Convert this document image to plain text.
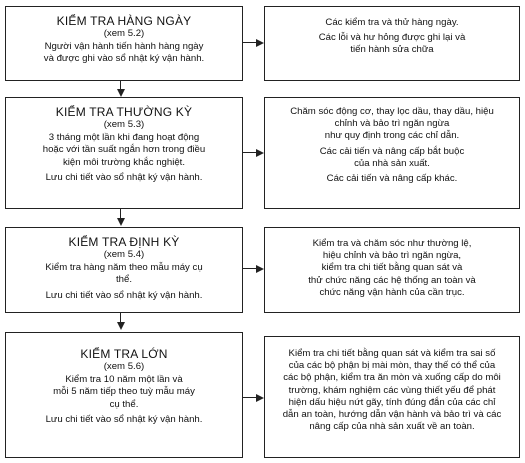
KIỂM TRA HÀNG NGÀY
(xem 5.2)
Người vận hành tiến hành hàng ngày
và được ghi vào sổ nhật ký vận hành.
Các kiểm tra và thử hàng ngày.
Các lỗi và hư hỏng được ghi lại và
tiến hành sửa chữa
KIỂM TRA THƯỜNG KỲ
(xem 5.3)
3 tháng một lần khi đang hoạt động
hoặc với tần suất ngắn hơn trong điều
kiện môi trường khắc nghiệt.
Lưu chi tiết vào sổ nhật ký vận hành.
Chăm sóc động cơ, thay lọc dầu, thay dầu, hiệu
chỉnh và bảo trì ngăn ngừa
như quy định trong các chỉ dẫn.
Các cải tiến và nâng cấp bắt buộc
của nhà sản xuất.
Các cải tiến và nâng cấp khác.
KIỂM TRA ĐỊNH KỲ
(xem 5.4)
Kiểm tra hàng năm theo mẫu máy cụ
thể.
Lưu chi tiết vào sổ nhật ký vận hành.
Kiểm tra và chăm sóc như thường lệ,
hiệu chỉnh và bảo trì ngăn ngừa,
kiểm tra chi tiết bằng quan sát và
thử chức năng các hệ thống an toàn và
chức năng vận hành của cần trục.
KIỂM TRA LỚN
(xem 5.6)
Kiểm tra 10 năm một lần và
mỗi 5 năm tiếp theo tuỳ mẫu máy
cụ thể.
Lưu chi tiết vào sổ nhật ký vận hành.
Kiểm tra chi tiết bằng quan sát và kiểm tra sai số
của các bộ phận bị mài mòn, thay thế có thể của
các bộ phận, kiểm tra ăn mòn và xuống cấp do môi
trường, khám nghiệm các vùng thiết yếu để phát
hiện dấu hiệu nứt gãy, tính đúng đắn của các chỉ
dẫn an toàn, hướng dẫn vận hành và bảo trì và các
nâng cấp của nhà sản xuất về an toàn.
